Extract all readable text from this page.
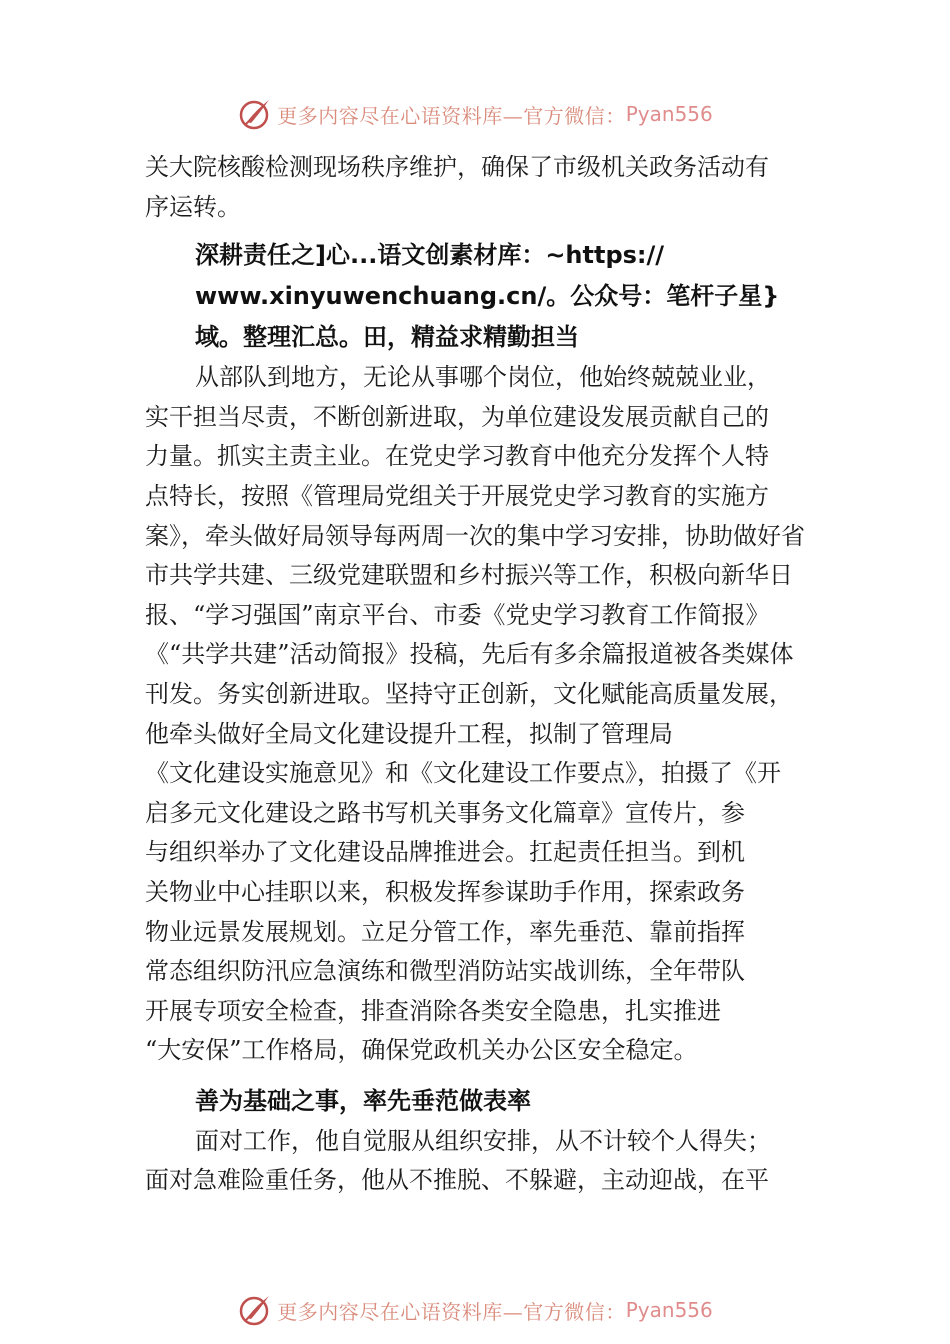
更多内容尽在心语资料库—官方微信： Pyan556

关大院核酸检测现场秩序维护，确保了市级机关政务活动有
序运转。

深耕责任之]心...语文创素材库：~https://
www.xinyuwenchuang.cn/。公众号：笔杆子星}
域。整理汇总。田，精益求精勤担当

从部队到地方，无论从事哪个岗位，他始终兢兢业业，
实干担当尽责，不断创新进取，为单位建设发展贡献自己的
力量。抓实主责主业。在党史学习教育中他充分发挥个人特
点特长，按照《管理局党组关于开展党史学习教育的实施方
案》，牵头做好局领导每两周一次的集中学习安排，协助做好省
市共学共建、三级党建联盟和乡村振兴等工作，积极向新华日
报、“学习强国”南京平台、市委《党史学习教育工作简报》
《“共学共建”活动简报》投稿，先后有多余篇报道被各类媒体
刊发。务实创新进取。坚持守正创新，文化赋能高质量发展，
他牵头做好全局文化建设提升工程，拟制了管理局
《文化建设实施意见》和《文化建设工作要点》，拍摄了《开
启多元文化建设之路书写机关事务文化篇章》宣传片，参
与组织举办了文化建设品牌推进会。扛起责任担当。到机
关物业中心挂职以来，积极发挥参谋助手作用，探索政务
物业远景发展规划。立足分管工作，率先垂范、靠前指挥
常态组织防汛应急演练和微型消防站实战训练，全年带队
开展专项安全检查，排查消除各类安全隐患，扎实推进
“大安保”工作格局，确保党政机关办公区安全稳定。

善为基础之事，率先垂范做表率

面对工作，他自觉服从组织安排，从不计较个人得失；
面对急难险重任务，他从不推脱、不躲避，主动迎战，在平

更多内容尽在心语资料库—官方微信： Pyan556
